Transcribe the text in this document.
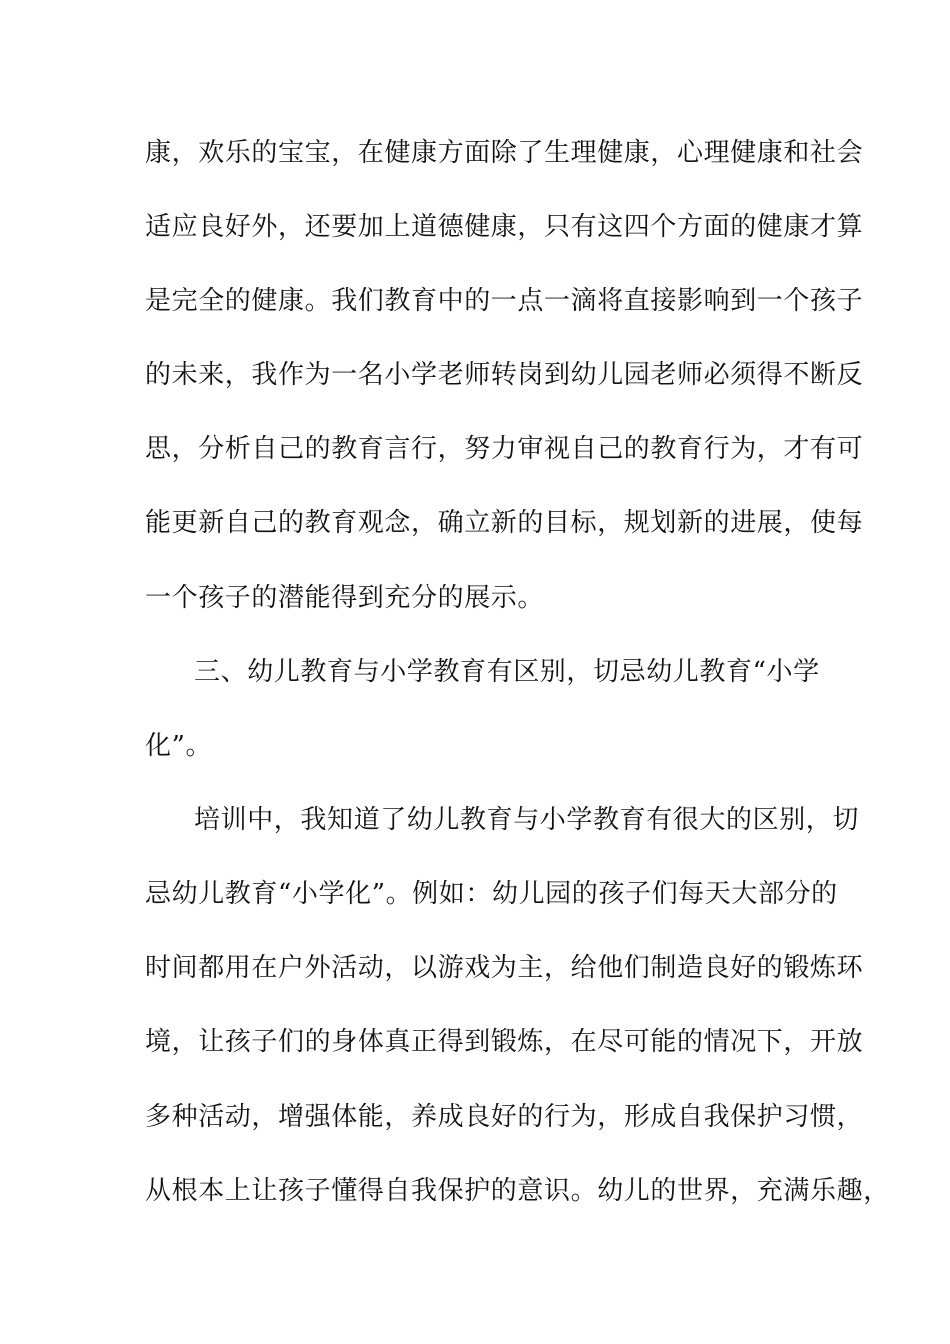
康，欢乐的宝宝，在健康方面除了生理健康，心理健康和社会
适应良好外，还要加上道德健康，只有这四个方面的健康才算
是完全的健康。我们教育中的一点一滴将直接影响到一个孩子
的未来，我作为一名小学老师转岗到幼儿园老师必须得不断反
思，分析自己的教育言行，努力审视自己的教育行为，才有可
能更新自己的教育观念，确立新的目标，规划新的进展，使每
一个孩子的潜能得到充分的展示。
三、幼儿教育与小学教育有区别，切忌幼儿教育“小学
化”。
培训中，我知道了幼儿教育与小学教育有很大的区别，切
忌幼儿教育“小学化”。例如：幼儿园的孩子们每天大部分的
时间都用在户外活动，以游戏为主，给他们制造良好的锻炼环
境，让孩子们的身体真正得到锻炼，在尽可能的情况下，开放
多种活动，增强体能，养成良好的行为，形成自我保护习惯，
从根本上让孩子懂得自我保护的意识。幼儿的世界，充满乐趣，
